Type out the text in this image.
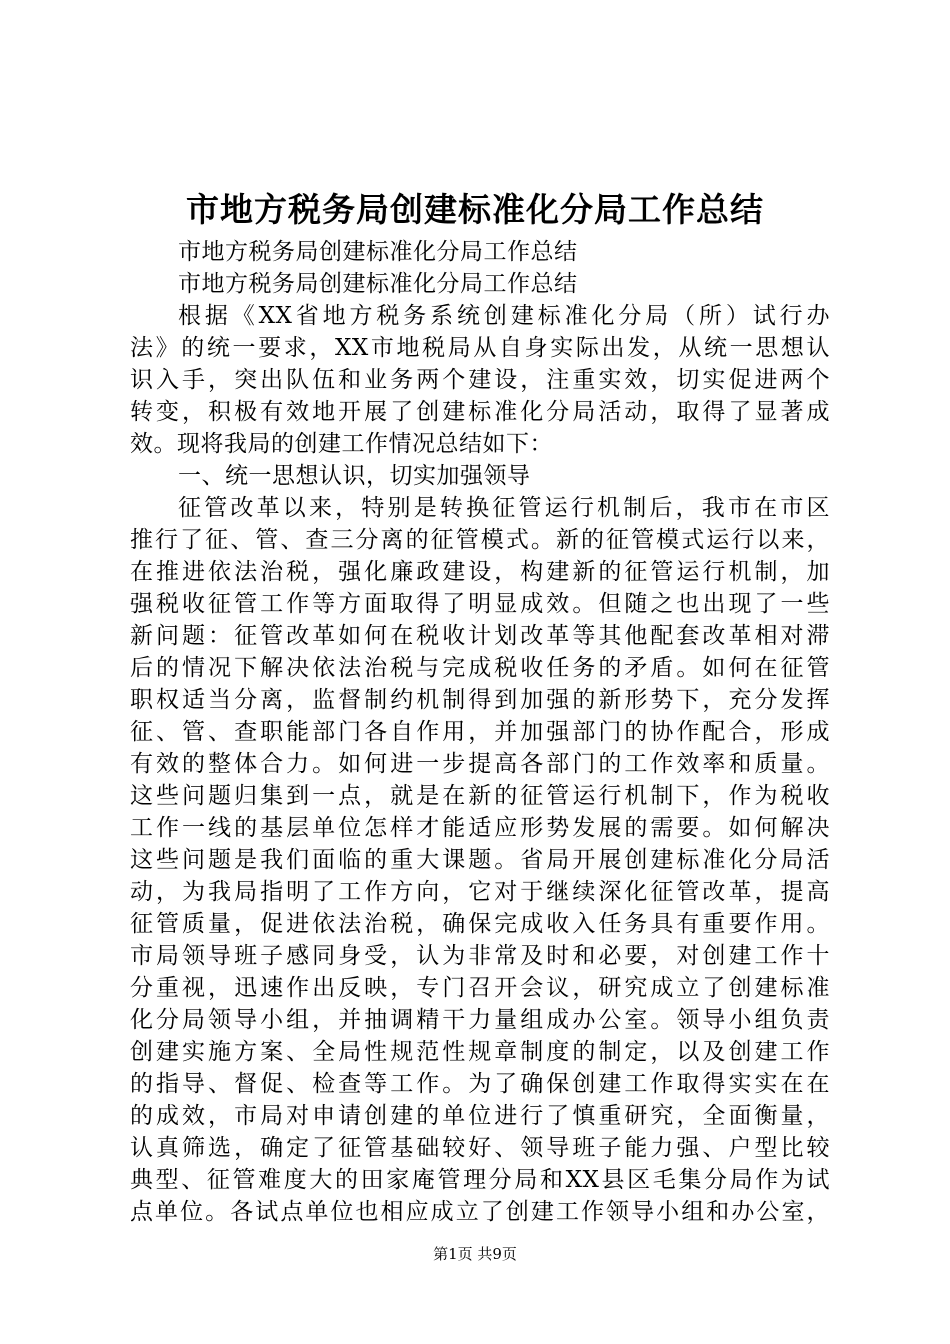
市地方税务局创建标准化分局工作总结
市地方税务局创建标准化分局工作总结
市地方税务局创建标准化分局工作总结
根据《XX省地方税务系统创建标准化分局（所）试行办
法》的统一要求，XX市地税局从自身实际出发，从统一思想认
识入手，突出队伍和业务两个建设，注重实效，切实促进两个
转变，积极有效地开展了创建标准化分局活动，取得了显著成
效。现将我局的创建工作情况总结如下：
一、统一思想认识，切实加强领导
征管改革以来，特别是转换征管运行机制后，我市在市区
推行了征、管、查三分离的征管模式。新的征管模式运行以来，
在推进依法治税，强化廉政建设，构建新的征管运行机制，加
强税收征管工作等方面取得了明显成效。但随之也出现了一些
新问题：征管改革如何在税收计划改革等其他配套改革相对滞
后的情况下解决依法治税与完成税收任务的矛盾。如何在征管
职权适当分离，监督制约机制得到加强的新形势下，充分发挥
征、管、查职能部门各自作用，并加强部门的协作配合，形成
有效的整体合力。如何进一步提高各部门的工作效率和质量。
这些问题归集到一点，就是在新的征管运行机制下，作为税收
工作一线的基层单位怎样才能适应形势发展的需要。如何解决
这些问题是我们面临的重大课题。省局开展创建标准化分局活
动，为我局指明了工作方向，它对于继续深化征管改革，提高
征管质量，促进依法治税，确保完成收入任务具有重要作用。
市局领导班子感同身受，认为非常及时和必要，对创建工作十
分重视，迅速作出反映，专门召开会议，研究成立了创建标准
化分局领导小组，并抽调精干力量组成办公室。领导小组负责
创建实施方案、全局性规范性规章制度的制定，以及创建工作
的指导、督促、检查等工作。为了确保创建工作取得实实在在
的成效，市局对申请创建的单位进行了慎重研究，全面衡量，
认真筛选，确定了征管基础较好、领导班子能力强、户型比较
典型、征管难度大的田家庵管理分局和XX县区毛集分局作为试
点单位。各试点单位也相应成立了创建工作领导小组和办公室，
第1页 共9页
